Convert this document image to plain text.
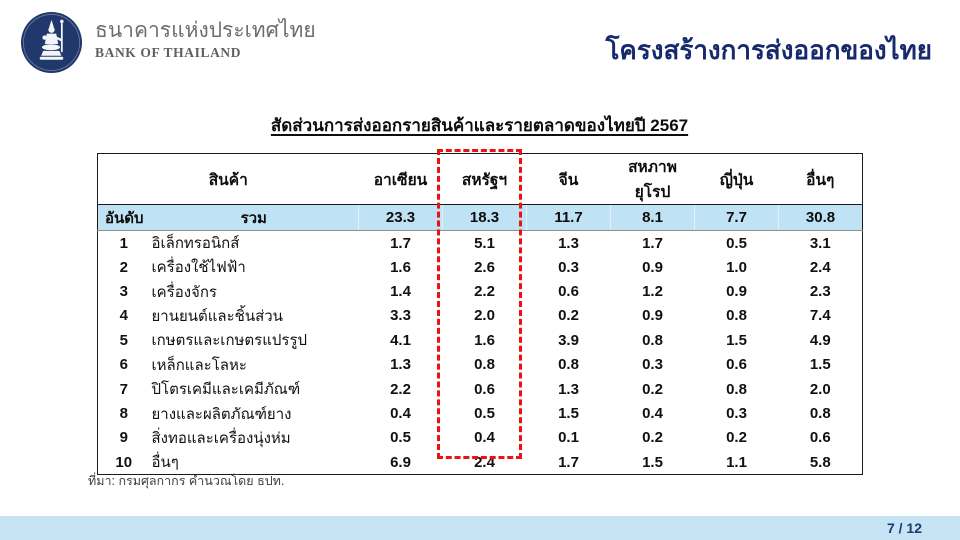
ธนาคารแห่งประเทศไทย
BANK OF THAILAND	โครงสร้างการส่งออกของไทย
สัดส่วนการส่งออกรายสินค้าและรายตลาดของไทยปี 2567
สินค้า		อาเซียน	สหรัฐฯ	จีน	สหภาพยุโรป	ญี่ปุ่น	อื่นๆ
อันดับ	รวม	23.3	18.3	11.7	8.1	7.7	30.8
1	อิเล็กทรอนิกส์	1.7	5.1	1.3	1.7	0.5	3.1
2	เครื่องใช้ไฟฟ้า	1.6	2.6	0.3	0.9	1.0	2.4
3	เครื่องจักร	1.4	2.2	0.6	1.2	0.9	2.3
4	ยานยนต์และชิ้นส่วน	3.3	2.0	0.2	0.9	0.8	7.4
5	เกษตรและเกษตรแปรรูป	4.1	1.6	3.9	0.8	1.5	4.9
6	เหล็กและโลหะ	1.3	0.8	0.8	0.3	0.6	1.5
7	ปิโตรเคมีและเคมีภัณฑ์	2.2	0.6	1.3	0.2	0.8	2.0
8	ยางและผลิตภัณฑ์ยาง	0.4	0.5	1.5	0.4	0.3	0.8
9	สิ่งทอและเครื่องนุ่งห่ม	0.5	0.4	0.1	0.2	0.2	0.6
10	อื่นๆ	6.9	2.4	1.7	1.5	1.1	5.8
ที่มา: กรมศุลกากร คำนวณโดย ธปท.
7 / 12
